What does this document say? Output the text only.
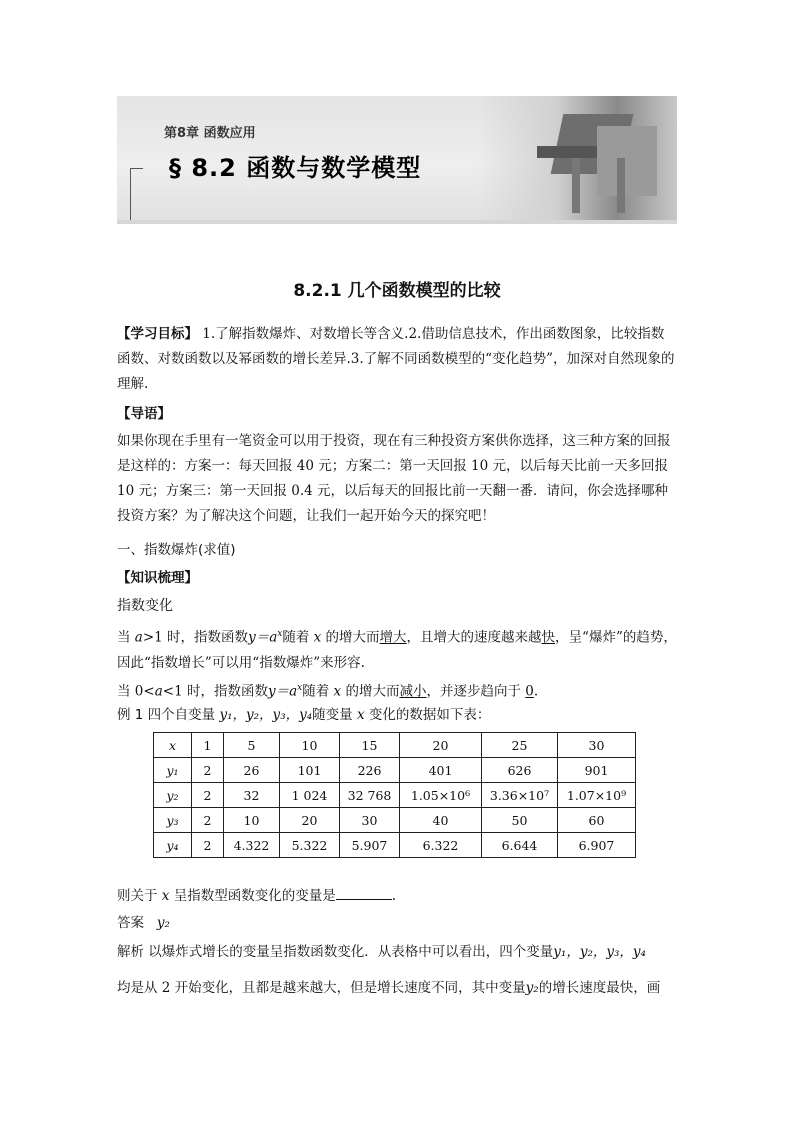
第8章 函数应用
§ 8.2 函数与数学模型
8.2.1 几个函数模型的比较

【学习目标】 1.了解指数爆炸、对数增长等含义.2.借助信息技术，作出函数图象，比较指数函数、对数函数以及幂函数的增长差异.3.了解不同函数模型的“变化趋势”，加深对自然现象的理解.

【导语】

如果你现在手里有一笔资金可以用于投资，现在有三种投资方案供你选择，这三种方案的回报是这样的：方案一：每天回报 40 元；方案二：第一天回报 10 元，以后每天比前一天多回报 10 元；方案三：第一天回报 0.4 元，以后每天的回报比前一天翻一番．请问，你会选择哪种投资方案？为了解决这个问题，让我们一起开始今天的探究吧！

一、指数爆炸(求值)

【知识梳理】

指数变化

当 a>1 时，指数函数$y=a^x$随着 x 的增大而增大，且增大的速度越来越快，呈“爆炸”的趋势，因此“指数增长”可以用“指数爆炸”来形容.

当 0<a<1 时，指数函数$y=a^x$随着 x 的增大而减小，并逐步趋向于 0.

例 1 四个自变量 y₁，y₂，y₃，y₄随变量 x 变化的数据如下表：

x	1	5	10	15	20	25	30
y₁	2	26	101	226	401	626	901
y₂	2	32	1 024	32 768	1.05×10⁶	3.36×10⁷	1.07×10⁹
y₃	2	10	20	30	40	50	60
y₄	2	4.322	5.322	5.907	6.322	6.644	6.907

则关于 x 呈指数型函数变化的变量是	.

答案 y₂

解析 以爆炸式增长的变量呈指数函数变化．从表格中可以看出，四个变量y₁，y₂，y₃，y₄

均是从 2 开始变化，且都是越来越大，但是增长速度不同，其中变量y₂的增长速度最快，画
